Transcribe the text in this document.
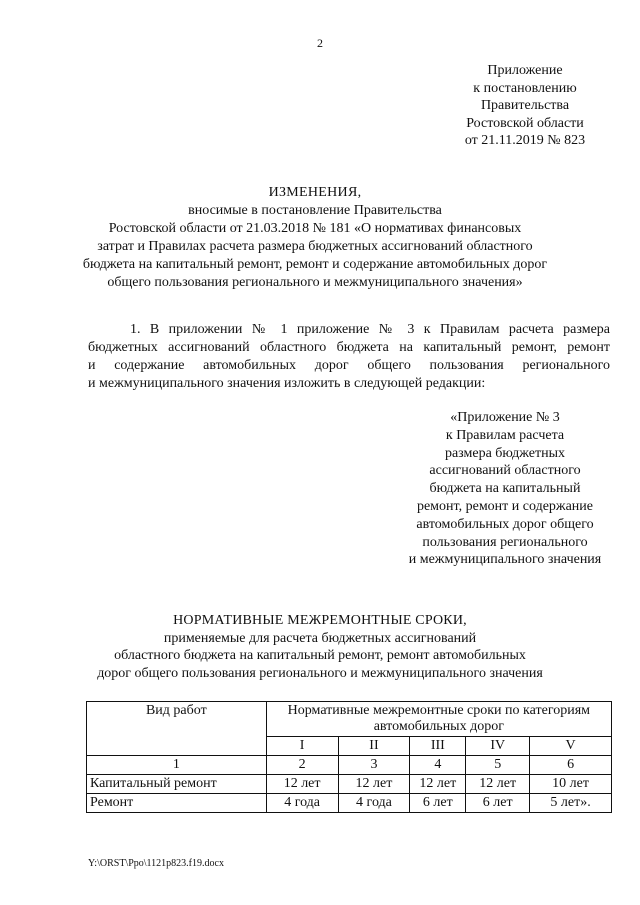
2
Приложение
к постановлению
Правительства
Ростовской области
от 21.11.2019 № 823
ИЗМЕНЕНИЯ,
вносимые в постановление Правительства
Ростовской области от 21.03.2018 № 181 «О нормативах финансовых
затрат и Правилах расчета размера бюджетных ассигнований областного
бюджета на капитальный ремонт, ремонт и содержание автомобильных дорог
общего пользования регионального и межмуниципального значения»
1. В приложении № 1 приложение № 3 к Правилам расчета размера
бюджетных ассигнований областного бюджета на капитальный ремонт, ремонт
и содержание автомобильных дорог общего пользования регионального
и межмуниципального значения изложить в следующей редакции:
«Приложение № 3
к Правилам расчета
размера бюджетных
ассигнований областного
бюджета на капитальный
ремонт, ремонт и содержание
автомобильных дорог общего
пользования регионального
и межмуниципального значения
НОРМАТИВНЫЕ МЕЖРЕМОНТНЫЕ СРОКИ,
применяемые для расчета бюджетных ассигнований
областного бюджета на капитальный ремонт, ремонт автомобильных
дорог общего пользования регионального и межмуниципального значения
Вид работ	Нормативные межремонтные сроки по категориям автомобильных дорог				
	I	II	III	IV	V
1	2	3	4	5	6
Капитальный ремонт	12 лет	12 лет	12 лет	12 лет	10 лет
Ремонт	4 года	4 года	6 лет	6 лет	5 лет».
Y:\ORST\Ppo\1121p823.f19.docx
